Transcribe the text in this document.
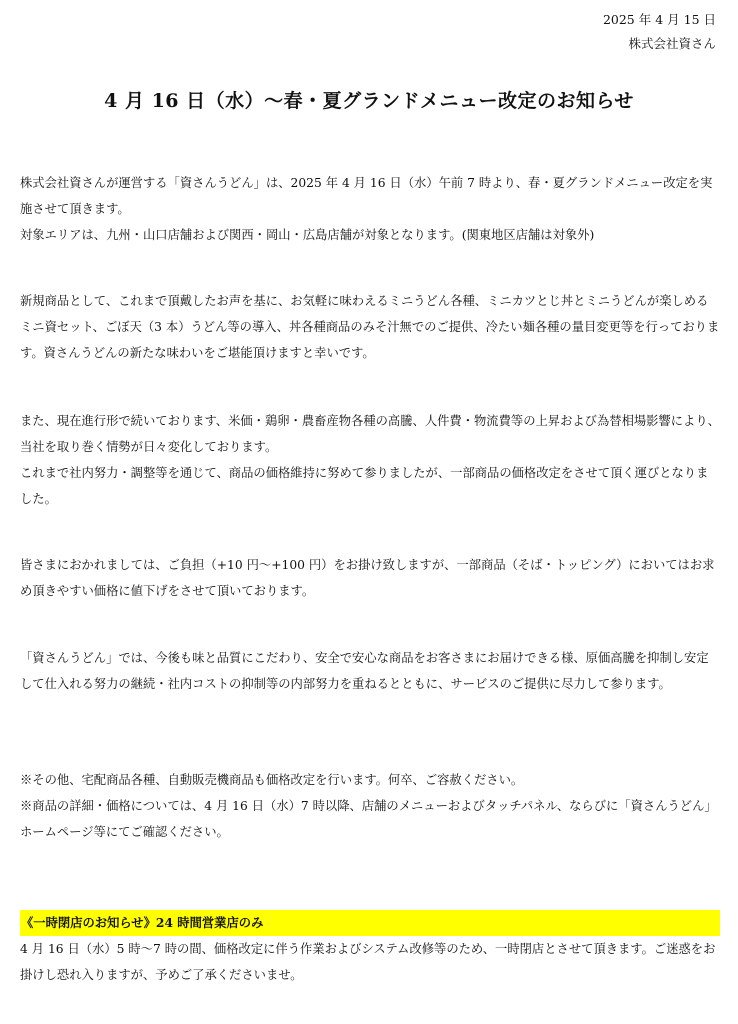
2025 年 4 月 15 日
株式会社資さん
4 月 16 日（水）〜春・夏グランドメニュー改定のお知らせ

株式会社資さんが運営する「資さんうどん」は、2025 年 4 月 16 日（水）午前 7 時より、春・夏グランドメニュー改定を実施させて頂きます。
対象エリアは、九州・山口店舗および関西・岡山・広島店舗が対象となります。(関東地区店舗は対象外)

新規商品として、これまで頂戴したお声を基に、お気軽に味わえるミニうどん各種、ミニカツとじ丼とミニうどんが楽しめるミニ資セット、ごぼ天（3 本）うどん等の導入、丼各種商品のみそ汁無でのご提供、冷たい麺各種の量目変更等を行っております。資さんうどんの新たな味わいをご堪能頂けますと幸いです。

また、現在進行形で続いております、米価・鶏卵・農畜産物各種の高騰、人件費・物流費等の上昇および為替相場影響により、当社を取り巻く情勢が日々変化しております。
これまで社内努力・調整等を通じて、商品の価格維持に努めて参りましたが、一部商品の価格改定をさせて頂く運びとなりました。

皆さまにおかれましては、ご負担（+10 円〜+100 円）をお掛け致しますが、一部商品（そば・トッピング）においてはお求め頂きやすい価格に値下げをさせて頂いております。

「資さんうどん」では、今後も味と品質にこだわり、安全で安心な商品をお客さまにお届けできる様、原価高騰を抑制し安定して仕入れる努力の継続・社内コストの抑制等の内部努力を重ねるとともに、サービスのご提供に尽力して参ります。

※その他、宅配商品各種、自動販売機商品も価格改定を行います。何卒、ご容赦ください。
※商品の詳細・価格については、4 月 16 日（水）7 時以降、店舗のメニューおよびタッチパネル、ならびに「資さんうどん」ホームページ等にてご確認ください。

《一時閉店のお知らせ》24 時間営業店のみ
4 月 16 日（水）5 時〜7 時の間、価格改定に伴う作業およびシステム改修等のため、一時閉店とさせて頂きます。ご迷惑をお掛けし恐れ入りますが、予めご了承くださいませ。
